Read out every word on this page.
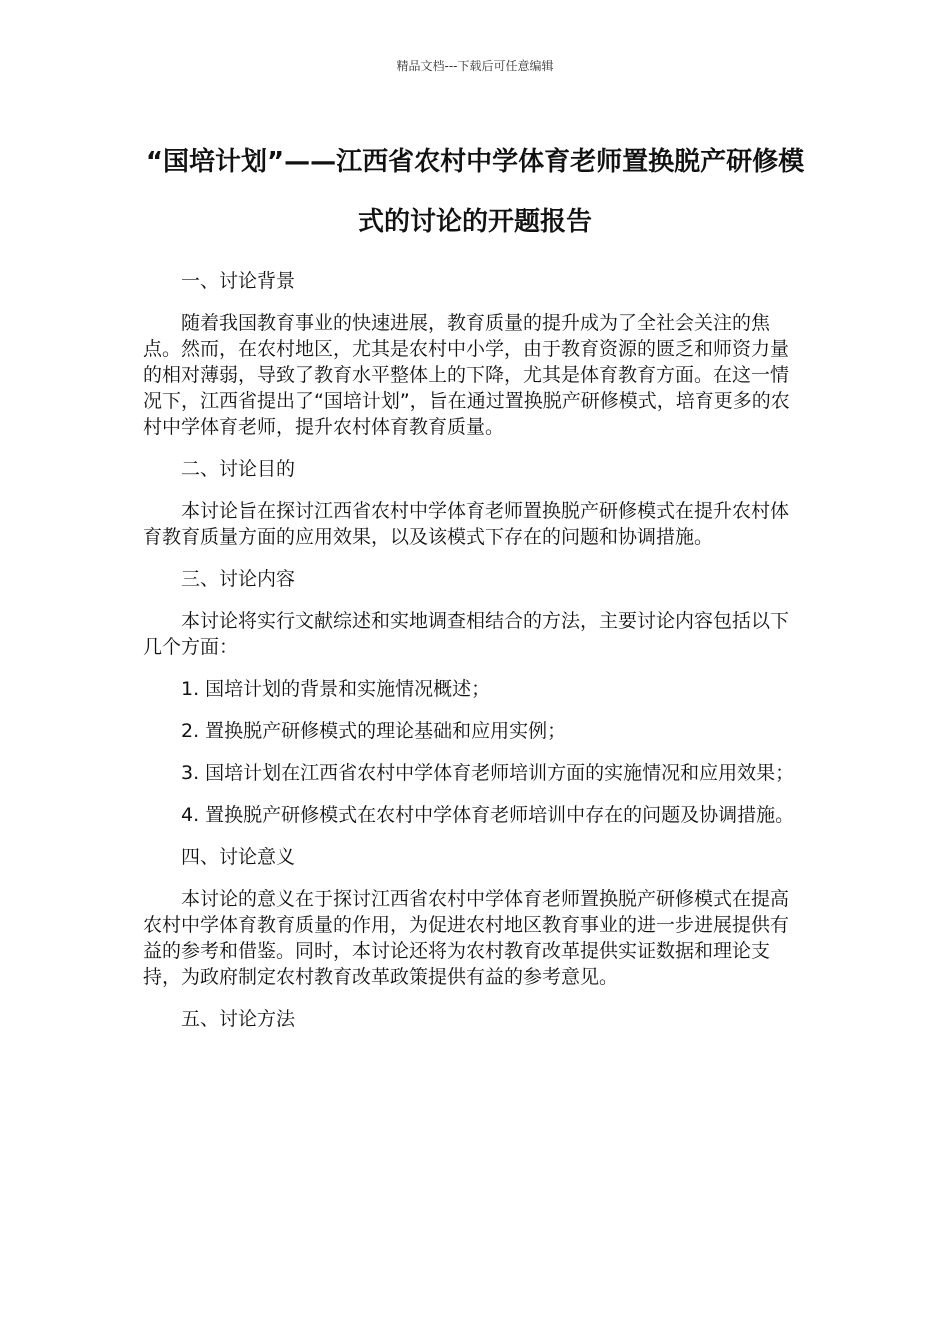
精品文档---下载后可任意编辑
“国培计划”——江西省农村中学体育老师置换脱产研修模式的讨论的开题报告

一、讨论背景

随着我国教育事业的快速进展，教育质量的提升成为了全社会关注的焦点。然而，在农村地区，尤其是农村中小学，由于教育资源的匮乏和师资力量的相对薄弱，导致了教育水平整体上的下降，尤其是体育教育方面。在这一情况下，江西省提出了“国培计划”，旨在通过置换脱产研修模式，培育更多的农村中学体育老师，提升农村体育教育质量。

二、讨论目的

本讨论旨在探讨江西省农村中学体育老师置换脱产研修模式在提升农村体育教育质量方面的应用效果，以及该模式下存在的问题和协调措施。

三、讨论内容

本讨论将实行文献综述和实地调查相结合的方法，主要讨论内容包括以下几个方面：

1. 国培计划的背景和实施情况概述；

2. 置换脱产研修模式的理论基础和应用实例；

3. 国培计划在江西省农村中学体育老师培训方面的实施情况和应用效果；

4. 置换脱产研修模式在农村中学体育老师培训中存在的问题及协调措施。

四、讨论意义

本讨论的意义在于探讨江西省农村中学体育老师置换脱产研修模式在提高农村中学体育教育质量的作用，为促进农村地区教育事业的进一步进展提供有益的参考和借鉴。同时，本讨论还将为农村教育改革提供实证数据和理论支持，为政府制定农村教育改革政策提供有益的参考意见。

五、讨论方法
